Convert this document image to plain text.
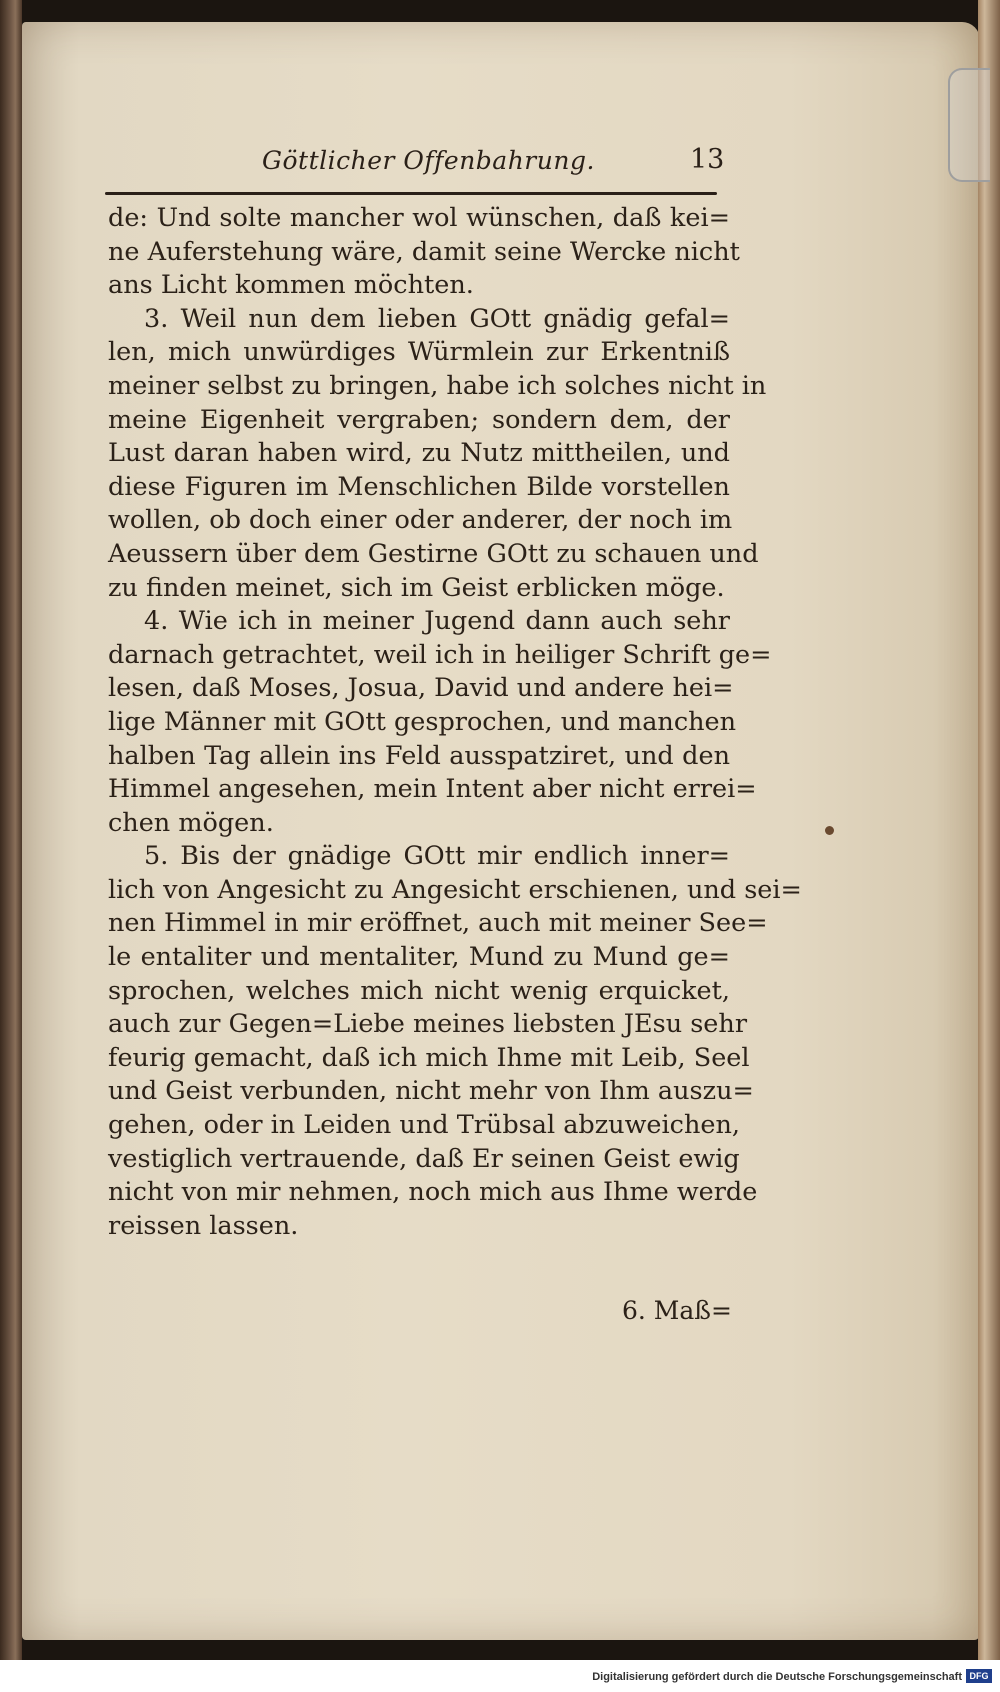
Göttlicher Offenbahrung.	13
de: Und solte mancher wol wünschen, daß kei=
ne Auferstehung wäre, damit seine Wercke nicht
ans Licht kommen möchten.
3. Weil nun dem lieben GOtt gnädig gefal=
len, mich unwürdiges Würmlein zur Erkentniß
meiner selbst zu bringen, habe ich solches nicht in
meine Eigenheit vergraben; sondern dem, der
Lust daran haben wird, zu Nutz mittheilen, und
diese Figuren im Menschlichen Bilde vorstellen
wollen, ob doch einer oder anderer, der noch im
Aeussern über dem Gestirne GOtt zu schauen und
zu finden meinet, sich im Geist erblicken möge.
4. Wie ich in meiner Jugend dann auch sehr
darnach getrachtet, weil ich in heiliger Schrift ge=
lesen, daß Moses, Josua, David und andere hei=
lige Männer mit GOtt gesprochen, und manchen
halben Tag allein ins Feld ausspatziret, und den
Himmel angesehen, mein Intent aber nicht errei=
chen mögen.
5. Bis der gnädige GOtt mir endlich inner=
lich von Angesicht zu Angesicht erschienen, und sei=
nen Himmel in mir eröffnet, auch mit meiner See=
le entaliter und mentaliter, Mund zu Mund ge=
sprochen, welches mich nicht wenig erquicket,
auch zur Gegen=Liebe meines liebsten JEsu sehr
feurig gemacht, daß ich mich Ihme mit Leib, Seel
und Geist verbunden, nicht mehr von Ihm auszu=
gehen, oder in Leiden und Trübsal abzuweichen,
vestiglich vertrauende, daß Er seinen Geist ewig
nicht von mir nehmen, noch mich aus Ihme werde
reissen lassen.
6. Maß=
Digitalisierung gefördert durch die Deutsche Forschungsgemeinschaft DFG
